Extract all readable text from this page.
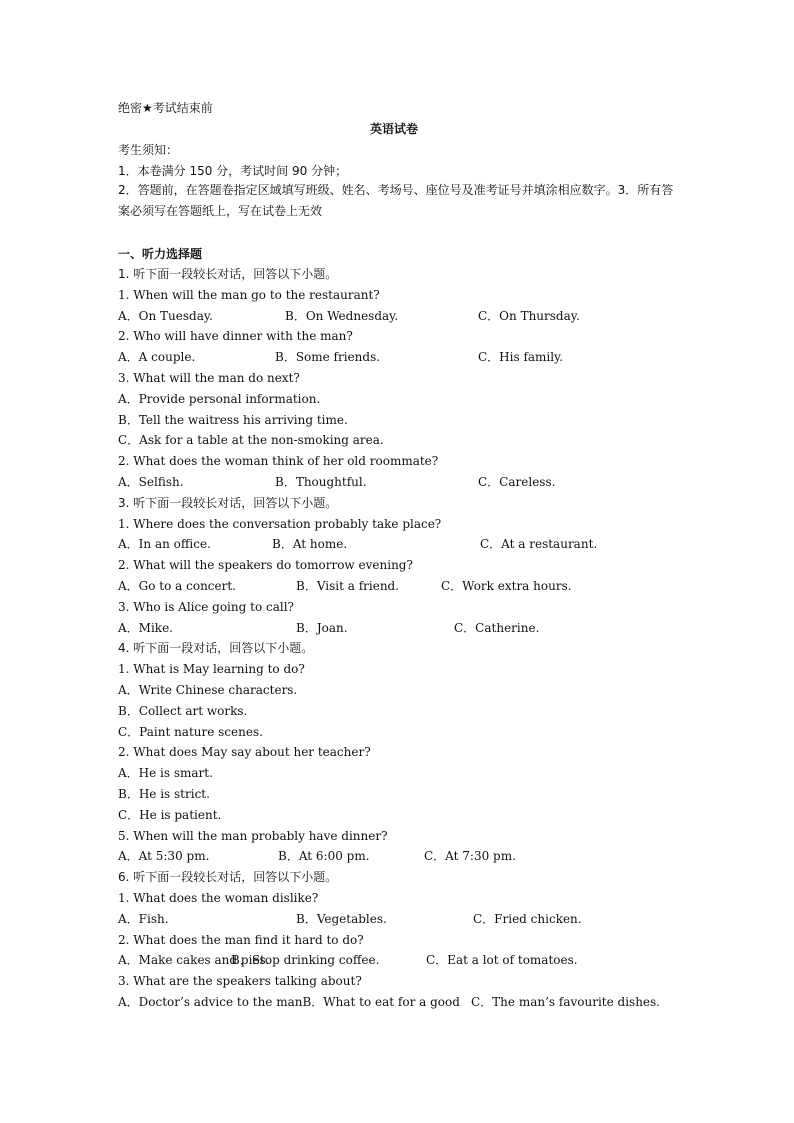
绝密★考试结束前
英语试卷
考生须知：
1．本卷满分 150 分，考试时间 90 分钟；
2．答题前，在答题卷指定区域填写班级、姓名、考场号、座位号及准考证号并填涂相应数字。3．所有答案必须写在答题纸上，写在试卷上无效
一、听力选择题
1. 听下面一段较长对话，回答以下小题。
1. When will the man go to the restaurant?
A．On Tuesday.	B．On Wednesday.	C．On Thursday.
2. Who will have dinner with the man?
A．A couple.	B．Some friends.	C．His family.
3. What will the man do next?
A．Provide personal information.
B．Tell the waitress his arriving time.
C．Ask for a table at the non-smoking area.
2. What does the woman think of her old roommate?
A．Selfish.	B．Thoughtful.	C．Careless.
3. 听下面一段较长对话，回答以下小题。
1. Where does the conversation probably take place?
A．In an office.	B．At home.	C．At a restaurant.
2. What will the speakers do tomorrow evening?
A．Go to a concert.	B．Visit a friend.	C．Work extra hours.
3. Who is Alice going to call?
A．Mike.	B．Joan.	C．Catherine.
4. 听下面一段对话，回答以下小题。
1. What is May learning to do?
A．Write Chinese characters.
B．Collect art works.
C．Paint nature scenes.
2. What does May say about her teacher?
A．He is smart.
B．He is strict.
C．He is patient.
5. When will the man probably have dinner?
A．At 5:30 pm.	B．At 6:00 pm.	C．At 7:30 pm.
6. 听下面一段较长对话，回答以下小题。
1. What does the woman dislike?
A．Fish.	B．Vegetables.	C．Fried chicken.
2. What does the man find it hard to do?
A．Make cakes and pies.
B．Stop drinking coffee.	C．Eat a lot of tomatoes.
3. What are the speakers talking about?
A．Doctor’s advice to the manB．What to eat for a good C．The man’s favourite dishes.
